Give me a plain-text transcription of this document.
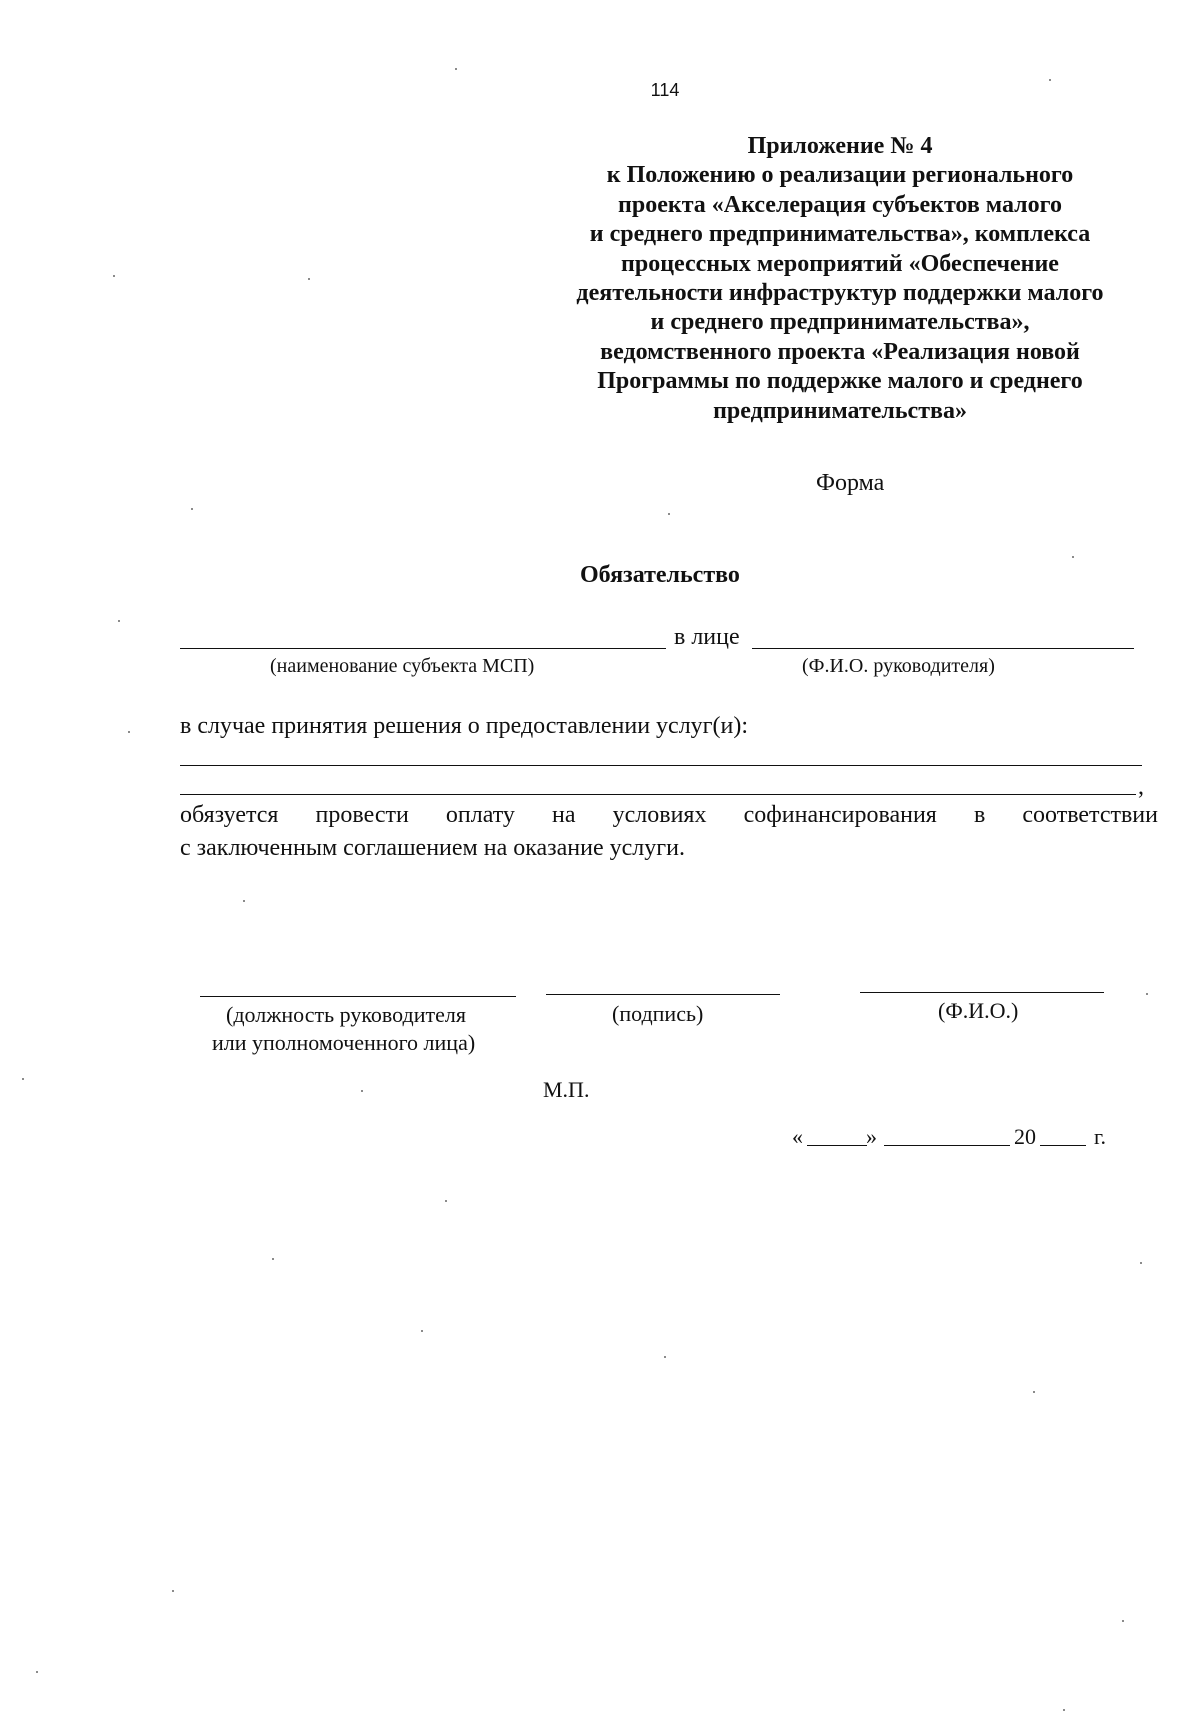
114
Приложение № 4
к Положению о реализации регионального
проекта «Акселерация субъектов малого
и среднего предпринимательства», комплекса
процессных мероприятий «Обеспечение
деятельности инфраструктур поддержки малого
и среднего предпринимательства»,
ведомственного проекта «Реализация новой
Программы по поддержке малого и среднего
предпринимательства»
Форма
Обязательство
в лице
(наименование субъекта МСП)	(Ф.И.О. руководителя)
в случае принятия решения о предоставлении услуг(и):
,
обязуется провести оплату на условиях софинансирования в соответствии
с заключенным соглашением на оказание услуги.
(должность руководителя
или уполномоченного лица)
(подпись)	(Ф.И.О.)
М.П.
«	»	20	г.
